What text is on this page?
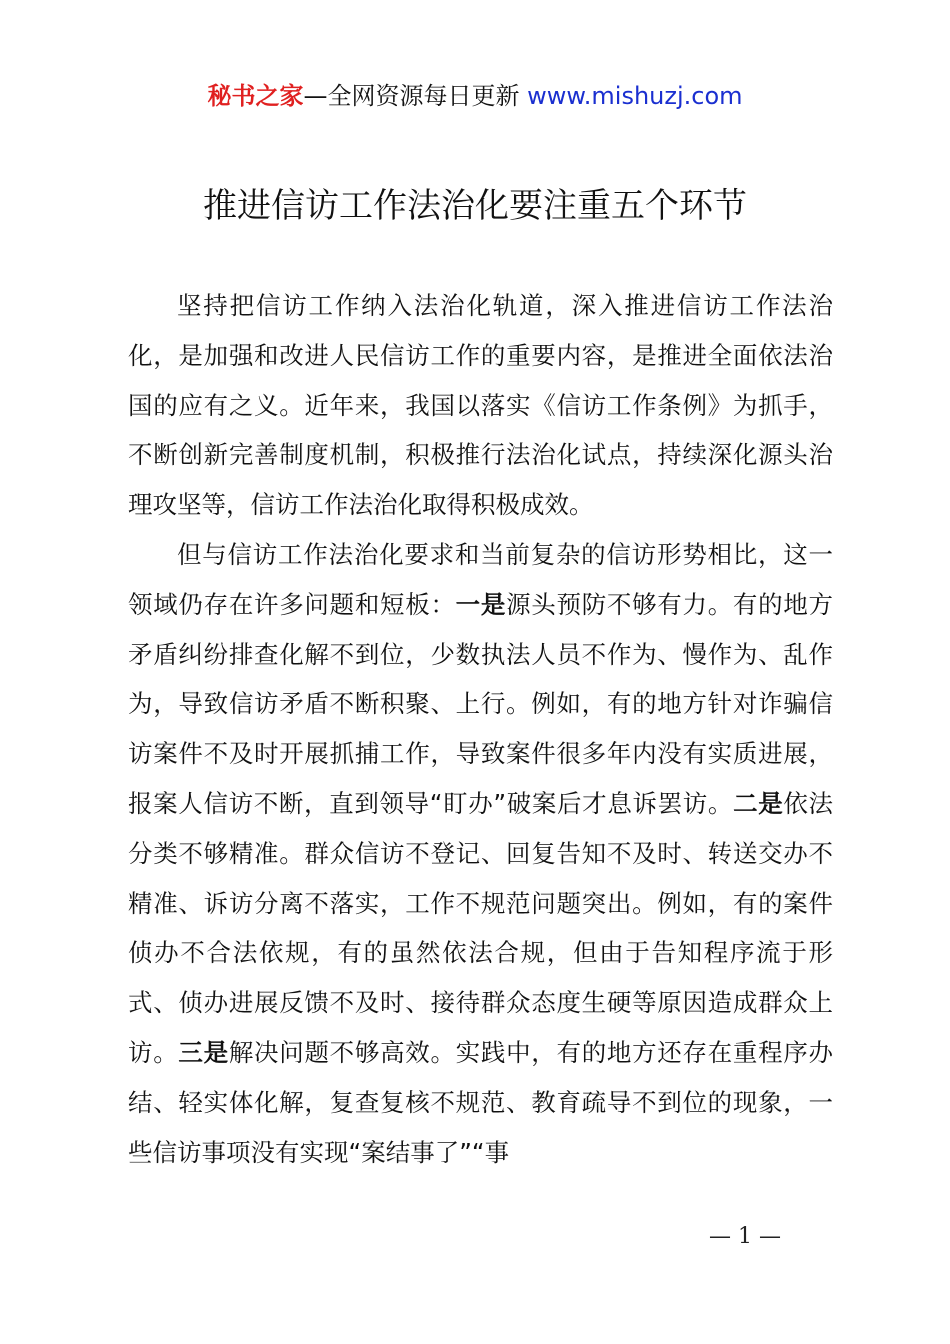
秘书之家—全网资源每日更新 www.mishuzj.com
推进信访工作法治化要注重五个环节

坚持把信访工作纳入法治化轨道，深入推进信访工作法治化，是加强和改进人民信访工作的重要内容，是推进全面依法治国的应有之义。近年来，我国以落实《信访工作条例》为抓手，不断创新完善制度机制，积极推行法治化试点，持续深化源头治理攻坚等，信访工作法治化取得积极成效。

但与信访工作法治化要求和当前复杂的信访形势相比，这一领域仍存在许多问题和短板：一是源头预防不够有力。有的地方矛盾纠纷排查化解不到位，少数执法人员不作为、慢作为、乱作为，导致信访矛盾不断积聚、上行。例如，有的地方针对诈骗信访案件不及时开展抓捕工作，导致案件很多年内没有实质进展，报案人信访不断，直到领导“盯办”破案后才息诉罢访。二是依法分类不够精准。群众信访不登记、回复告知不及时、转送交办不精准、诉访分离不落实，工作不规范问题突出。例如，有的案件侦办不合法依规，有的虽然依法合规，但由于告知程序流于形式、侦办进展反馈不及时、接待群众态度生硬等原因造成群众上访。三是解决问题不够高效。实践中，有的地方还存在重程序办结、轻实体化解，复查复核不规范、教育疏导不到位的现象，一些信访事项没有实现“案结事了”“事

— 1 —
